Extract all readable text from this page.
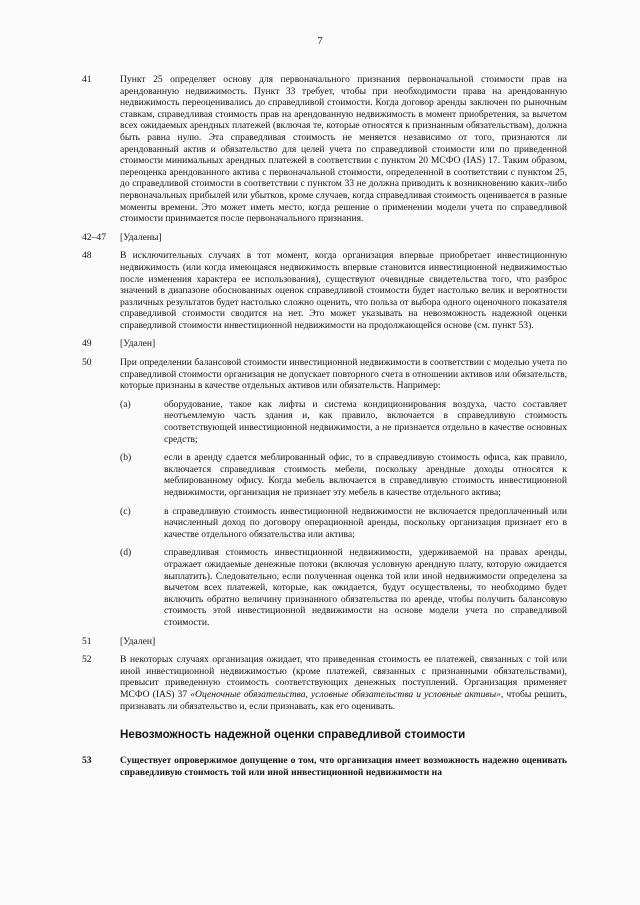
7
41	Пункт 25 определяет основу для первоначального признания первоначальной стоимости прав на арендованную недвижимость. Пункт 33 требует, чтобы при необходимости права на арендованную недвижимость переоценивались до справедливой стоимости. Когда договор аренды заключен по рыночным ставкам, справедливая стоимость прав на арендованную недвижимость в момент приобретения, за вычетом всех ожидаемых арендных платежей (включая те, которые относятся к признанным обязательствам), должна быть равна нулю. Эта справедливая стоимость не меняется независимо от того, признаются ли арендованный актив и обязательство для целей учета по справедливой стоимости или по приведенной стоимости минимальных арендных платежей в соответствии с пунктом 20 МСФО (IAS) 17. Таким образом, переоценка арендованного актива с первоначальной стоимости, определенной в соответствии с пунктом 25, до справедливой стоимости в соответствии с пунктом 33 не должна приводить к возникновению каких-либо первоначальных прибылей или убытков, кроме случаев, когда справедливая стоимость оценивается в разные моменты времени. Это может иметь место, когда решение о применении модели учета по справедливой стоимости принимается после первоначального признания.
42–47	[Удалены]
48	В исключительных случаях в тот момент, когда организация впервые приобретает инвестиционную недвижимость (или когда имеющаяся недвижимость впервые становится инвестиционной недвижимостью после изменения характера ее использования), существуют очевидные свидетельства того, что разброс значений в диапазоне обоснованных оценок справедливой стоимости будет настолько велик и вероятности различных результатов будет настолько сложно оценить, что польза от выбора одного оценочного показателя справедливой стоимости сводится на нет. Это может указывать на невозможность надежной оценки справедливой стоимости инвестиционной недвижимости на продолжающейся основе (см. пункт 53).
49	[Удален]
50	При определении балансовой стоимости инвестиционной недвижимости в соответствии с моделью учета по справедливой стоимости организация не допускает повторного счета в отношении активов или обязательств, которые признаны в качестве отдельных активов или обязательств. Например:
(a)	оборудование, такое как лифты и система кондиционирования воздуха, часто составляет неотъемлемую часть здания и, как правило, включается в справедливую стоимость соответствующей инвестиционной недвижимости, а не признается отдельно в качестве основных средств;
(b)	если в аренду сдается меблированный офис, то в справедливую стоимость офиса, как правило, включается справедливая стоимость мебели, поскольку арендные доходы относятся к меблированному офису. Когда мебель включается в справедливую стоимость инвестиционной недвижимости, организация не признает эту мебель в качестве отдельного актива;
(c)	в справедливую стоимость инвестиционной недвижимости не включается предоплаченный или начисленный доход по договору операционной аренды, поскольку организация признает его в качестве отдельного обязательства или актива;
(d)	справедливая стоимость инвестиционной недвижимости, удерживаемой на правах аренды, отражает ожидаемые денежные потоки (включая условную арендную плату, которую ожидается выплатить). Следовательно, если полученная оценка той или иной недвижимости определена за вычетом всех платежей, которые, как ожидается, будут осуществлены, то необходимо будет включить обратно величину признанного обязательства по аренде, чтобы получить балансовую стоимость этой инвестиционной недвижимости на основе модели учета по справедливой стоимости.
51	[Удален]
52	В некоторых случаях организация ожидает, что приведенная стоимость ее платежей, связанных с той или иной инвестиционной недвижимостью (кроме платежей, связанных с признанными обязательствами), превысит приведенную стоимость соответствующих денежных поступлений. Организация применяет МСФО (IAS) 37 «Оценочные обязательства, условные обязательства и условные активы», чтобы решить, признавать ли обязательство и, если признавать, как его оценивать.
Невозможность надежной оценки справедливой стоимости
53	Существует опровержимое допущение о том, что организация имеет возможность надежно оценивать справедливую стоимость той или иной инвестиционной недвижимости на
